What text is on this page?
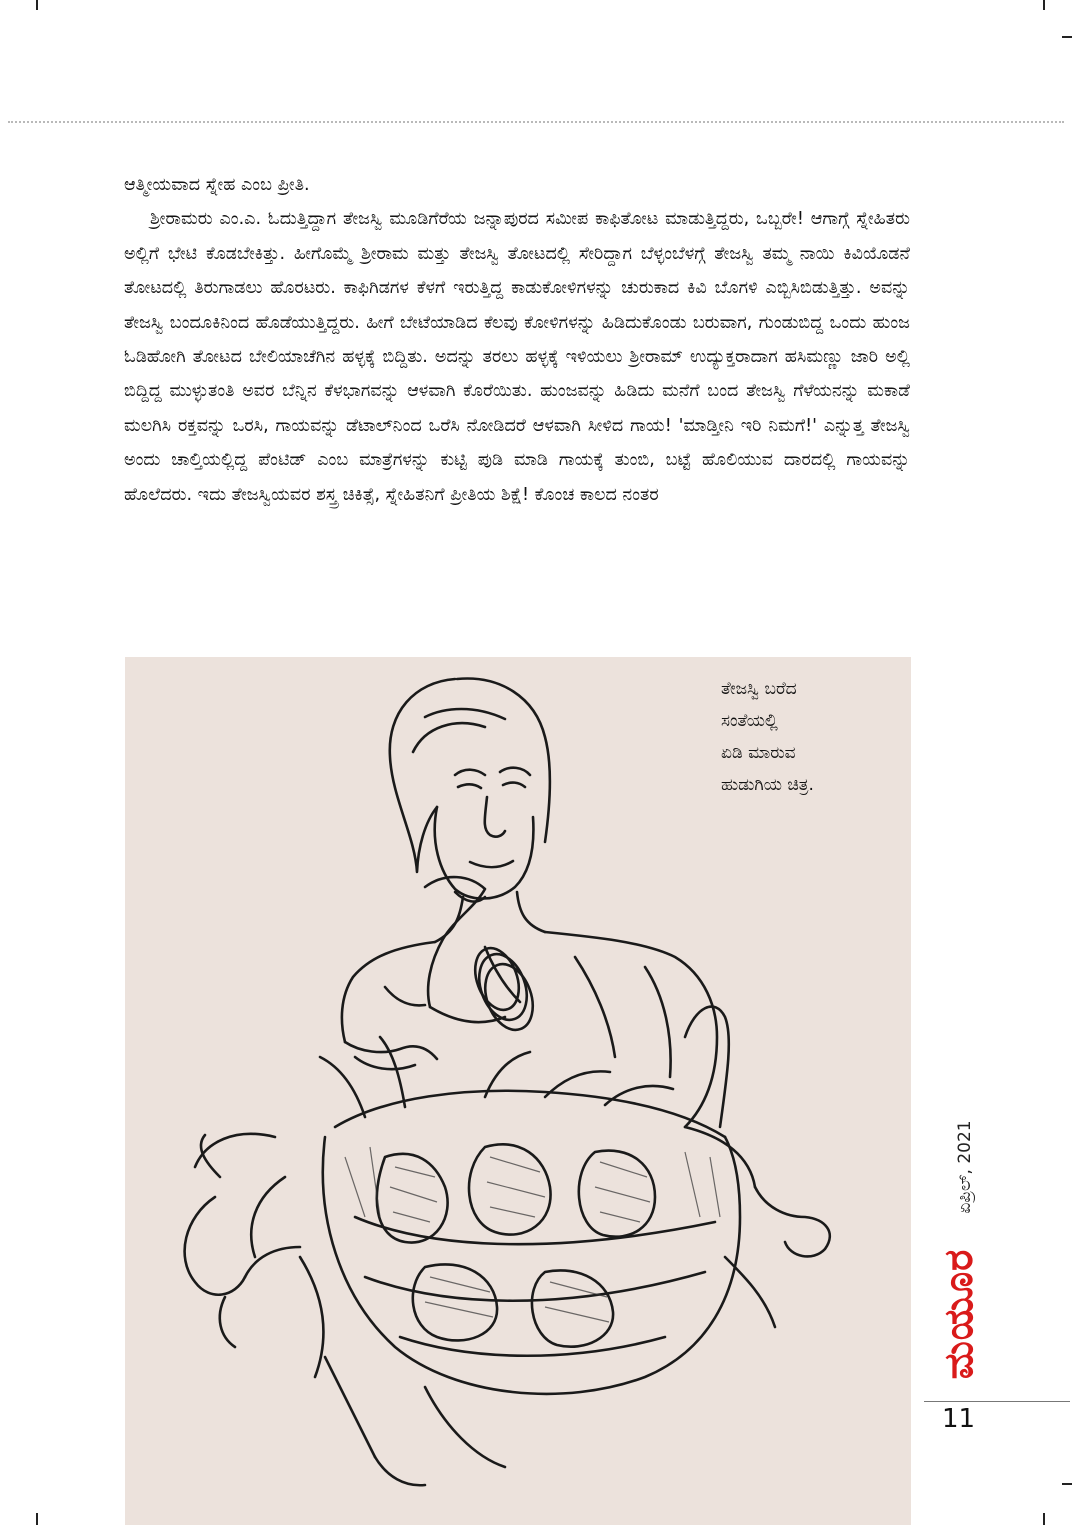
ಆತ್ಮೀಯವಾದ ಸ್ನೇಹ ಎಂಬ ಪ್ರೀತಿ.

ಶ್ರೀರಾಮರು ಎಂ.ಎ. ಓದುತ್ತಿದ್ದಾಗ ತೇಜಸ್ವಿ ಮೂಡಿಗೆರೆಯ ಜನ್ನಾಪುರದ ಸಮೀಪ ಕಾಫಿತೋಟ ಮಾಡುತ್ತಿದ್ದರು, ಒಬ್ಬರೇ! ಆಗಾಗ್ಗೆ ಸ್ನೇಹಿತರು ಅಲ್ಲಿಗೆ ಭೇಟಿ ಕೊಡಬೇಕಿತ್ತು. ಹೀಗೊಮ್ಮೆ ಶ್ರೀರಾಮ ಮತ್ತು ತೇಜಸ್ವಿ ತೋಟದಲ್ಲಿ ಸೇರಿದ್ದಾಗ ಬೆಳ್ಳಂಬೆಳಗ್ಗೆ ತೇಜಸ್ವಿ ತಮ್ಮ ನಾಯಿ ಕಿವಿಯೊಡನೆ ತೋಟದಲ್ಲಿ ತಿರುಗಾಡಲು ಹೊರಟರು. ಕಾಫಿಗಿಡಗಳ ಕೆಳಗೆ ಇರುತ್ತಿದ್ದ ಕಾಡುಕೋಳಿಗಳನ್ನು ಚುರುಕಾದ ಕಿವಿ ಬೊಗಳಿ ಎಬ್ಬಿಸಿಬಿಡುತ್ತಿತ್ತು. ಅವನ್ನು ತೇಜಸ್ವಿ ಬಂದೂಕಿನಿಂದ ಹೊಡೆಯುತ್ತಿದ್ದರು. ಹೀಗೆ ಬೇಟೆಯಾಡಿದ ಕೆಲವು ಕೋಳಿಗಳನ್ನು ಹಿಡಿದುಕೊಂಡು ಬರುವಾಗ, ಗುಂಡುಬಿದ್ದ ಒಂದು ಹುಂಜ ಓಡಿಹೋಗಿ ತೋಟದ ಬೇಲಿಯಾಚೆಗಿನ ಹಳ್ಳಕ್ಕೆ ಬಿದ್ದಿತು. ಅದನ್ನು ತರಲು ಹಳ್ಳಕ್ಕೆ ಇಳಿಯಲು ಶ್ರೀರಾಮ್ ಉದ್ಯುಕ್ತರಾದಾಗ ಹಸಿಮಣ್ಣು ಜಾರಿ ಅಲ್ಲಿ ಬಿದ್ದಿದ್ದ ಮುಳ್ಳುತಂತಿ ಅವರ ಬೆನ್ನಿನ ಕೆಳಭಾಗವನ್ನು ಆಳವಾಗಿ ಕೊರೆಯಿತು. ಹುಂಜವನ್ನು ಹಿಡಿದು ಮನೆಗೆ ಬಂದ ತೇಜಸ್ವಿ ಗೆಳೆಯನನ್ನು ಮಕಾಡೆ ಮಲಗಿಸಿ ರಕ್ತವನ್ನು ಒರಸಿ, ಗಾಯವನ್ನು ಡೆಟಾಲ್‌ನಿಂದ ಒರೆಸಿ ನೋಡಿದರೆ ಆಳವಾಗಿ ಸೀಳಿದ ಗಾಯ! 'ಮಾಡ್ತೀನಿ ಇರಿ ನಿಮಗೆ!' ಎನ್ನುತ್ತ ತೇಜಸ್ವಿ ಅಂದು ಚಾಲ್ತಿಯಲ್ಲಿದ್ದ ಪೆಂಟಿಡ್ ಎಂಬ ಮಾತ್ರೆಗಳನ್ನು ಕುಟ್ಟಿ ಪುಡಿ ಮಾಡಿ ಗಾಯಕ್ಕೆ ತುಂಬಿ, ಬಟ್ಟೆ ಹೊಲಿಯುವ ದಾರದಲ್ಲಿ ಗಾಯವನ್ನು ಹೊಲೆದರು. ಇದು ತೇಜಸ್ವಿಯವರ ಶಸ್ತ್ರ ಚಿಕಿತ್ಸೆ, ಸ್ನೇಹಿತನಿಗೆ ಪ್ರೀತಿಯ ಶಿಕ್ಷೆ! ಕೊಂಚ ಕಾಲದ ನಂತರ

ತೇಜಸ್ವಿ ಬರೆದ
ಸಂತೆಯಲ್ಲಿ
ಏಡಿ ಮಾರುವ
ಹುಡುಗಿಯ ಚಿತ್ರ.
ಏಪ್ರಿಲ್, 2021
ಮಯೂರ
11
